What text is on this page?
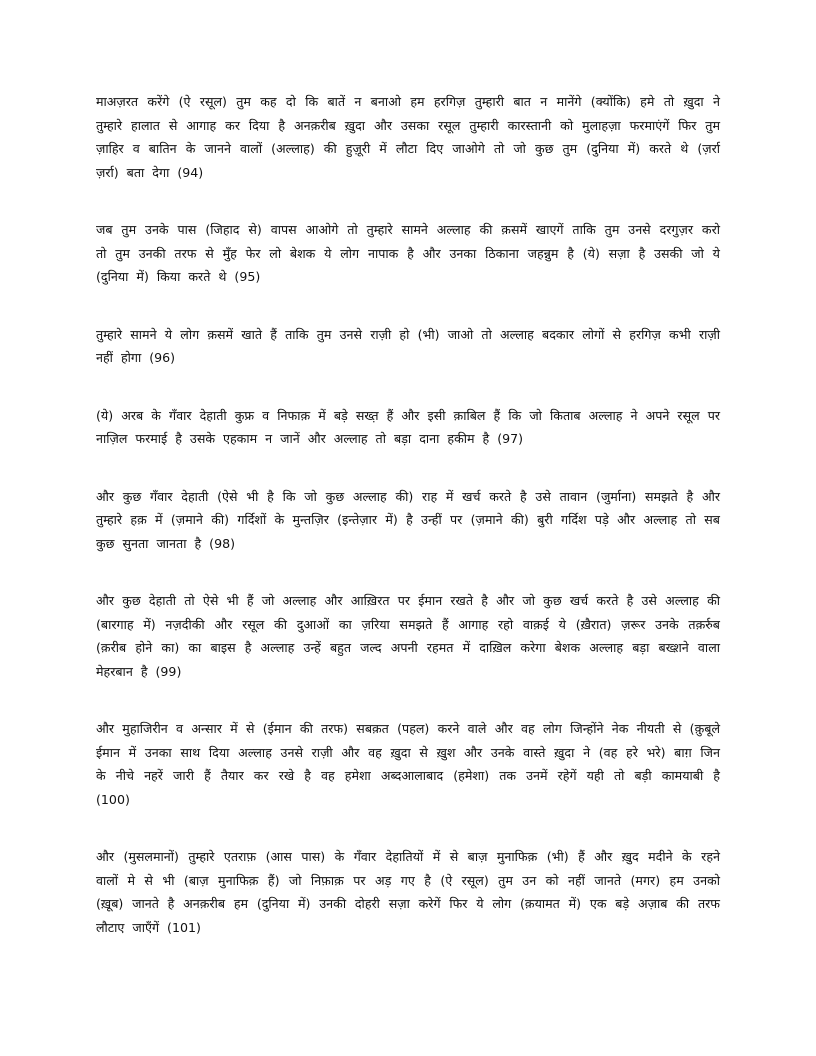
माअज़रत करेंगे (ऐ रसूल) तुम कह दो कि बातें न बनाओ हम हरगिज़ तुम्हारी बात न मानेंगे (क्योंकि) हमे तो ख़ुदा ने तुम्हारे हालात से आगाह कर दिया है अनक़रीब ख़ुदा और उसका रसूल तुम्हारी कारस्तानी को मुलाहज़ा फरमाएंगें फिर तुम ज़ाहिर व बातिन के जानने वालों (अल्लाह) की हुज़ूरी में लौटा दिए जाओगे तो जो कुछ तुम (दुनिया में) करते थे (ज़र्रा ज़र्रा) बता देगा (94)

जब तुम उनके पास (जिहाद से) वापस आओगे तो तुम्हारे सामने अल्लाह की क़समें खाएगें ताकि तुम उनसे दरगुज़र करो तो तुम उनकी तरफ से मुँह फेर लो बेशक ये लोग नापाक है और उनका ठिकाना जहन्नुम है (ये) सज़ा है उसकी जो ये (दुनिया में) किया करते थे (95)

तुम्हारे सामने ये लोग क़समें खाते हैं ताकि तुम उनसे राज़ी हो (भी) जाओ तो अल्लाह बदकार लोगों से हरगिज़ कभी राज़ी नहीं होगा (96)

(ये) अरब के गँवार देहाती कुफ्र व निफाक़ में बड़े सख्त़ हैं और इसी क़ाबिल हैं कि जो किताब अल्लाह ने अपने रसूल पर नाज़िल फरमाई है उसके एहकाम न जानें और अल्लाह तो बड़ा दाना हकीम है (97)

और कुछ गँवार देहाती (ऐसे भी है कि जो कुछ अल्लाह की) राह में खर्च करते है उसे तावान (जुर्माना) समझते है और तुम्हारे हक़ में (ज़माने की) गर्दिशों के मुन्तज़िर (इन्तेज़ार में) है उन्हीं पर (ज़माने की) बुरी गर्दिश पड़े और अल्लाह तो सब कुछ सुनता जानता है (98)

और कुछ देहाती तो ऐसे भी हैं जो अल्लाह और आख़िरत पर ईमान रखते है और जो कुछ खर्च करते है उसे अल्लाह की (बारगाह में) नज़दीकी और रसूल की दुआओं का ज़रिया समझते हैं आगाह रहो वाक़ई ये (ख़ैरात) ज़रूर उनके तक़र्रुब (क़रीब होने का) का बाइस है अल्लाह उन्हें बहुत जल्द अपनी रहमत में दाख़िल करेगा बेशक अल्लाह बड़ा बख्श़ने वाला मेहरबान है (99)

और मुहाजिरीन व अन्सार में से (ईमान की तरफ) सबक़त (पहल) करने वाले और वह लोग जिन्होंने नेक नीयती से (क़ुबूले ईमान में उनका साथ दिया अल्लाह उनसे राज़ी और वह ख़ुदा से ख़ुश और उनके वास्ते ख़ुदा ने (वह हरे भरे) बाग़ जिन के नीचे नहरें जारी हैं तैयार कर रखे है वह हमेशा अब्दआलाबाद (हमेशा) तक उनमें रहेगें यही तो बड़ी कामयाबी है (100)

और (मुसलमानों) तुम्हारे एतराफ़ (आस पास) के गँवार देहातियों में से बाज़ मुनाफिक़ (भी) हैं और ख़ुद मदीने के रहने वालों मे से भी (बाज़ मुनाफिक़ हैं) जो निफ़ाक़ पर अड़ गए है (ऐ रसूल) तुम उन को नहीं जानते (मगर) हम उनको (ख़ूब) जानते है अनक़रीब हम (दुनिया में) उनकी दोहरी सज़ा करेगें फिर ये लोग (क़यामत में) एक बड़े अज़ाब की तरफ लौटाए जाएँगें (101)
